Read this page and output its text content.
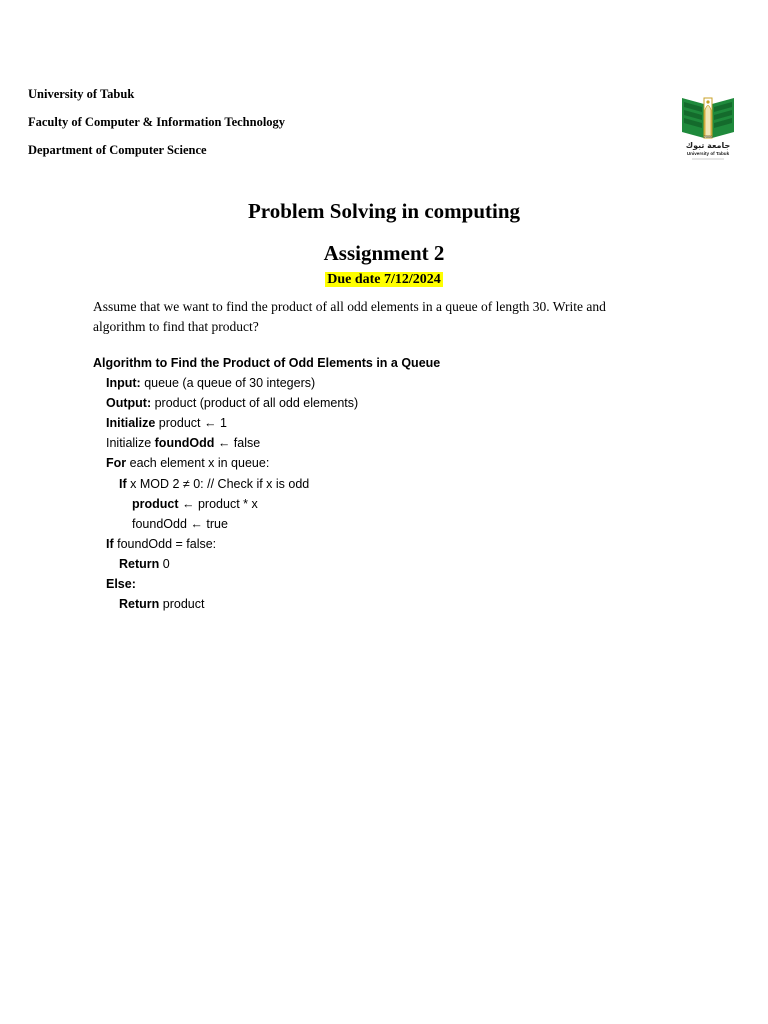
University of Tabuk
Faculty of Computer & Information Technology
Department of Computer Science
2006
جامعة تبوك
University of Tabuk
Problem Solving in computing
Assignment 2
Due date 7/12/2024
Assume that we want to find the product of all odd elements in a queue of length 30. Write and algorithm to find that product?
Algorithm to Find the Product of Odd Elements in a Queue
Input: queue (a queue of 30 integers)
Output: product (product of all odd elements)
Initialize product ← 1
Initialize foundOdd ← false
For each element x in queue:
If x MOD 2 ≠ 0: // Check if x is odd
product ← product * x
foundOdd ← true
If foundOdd = false:
Return 0
Else:
Return product
